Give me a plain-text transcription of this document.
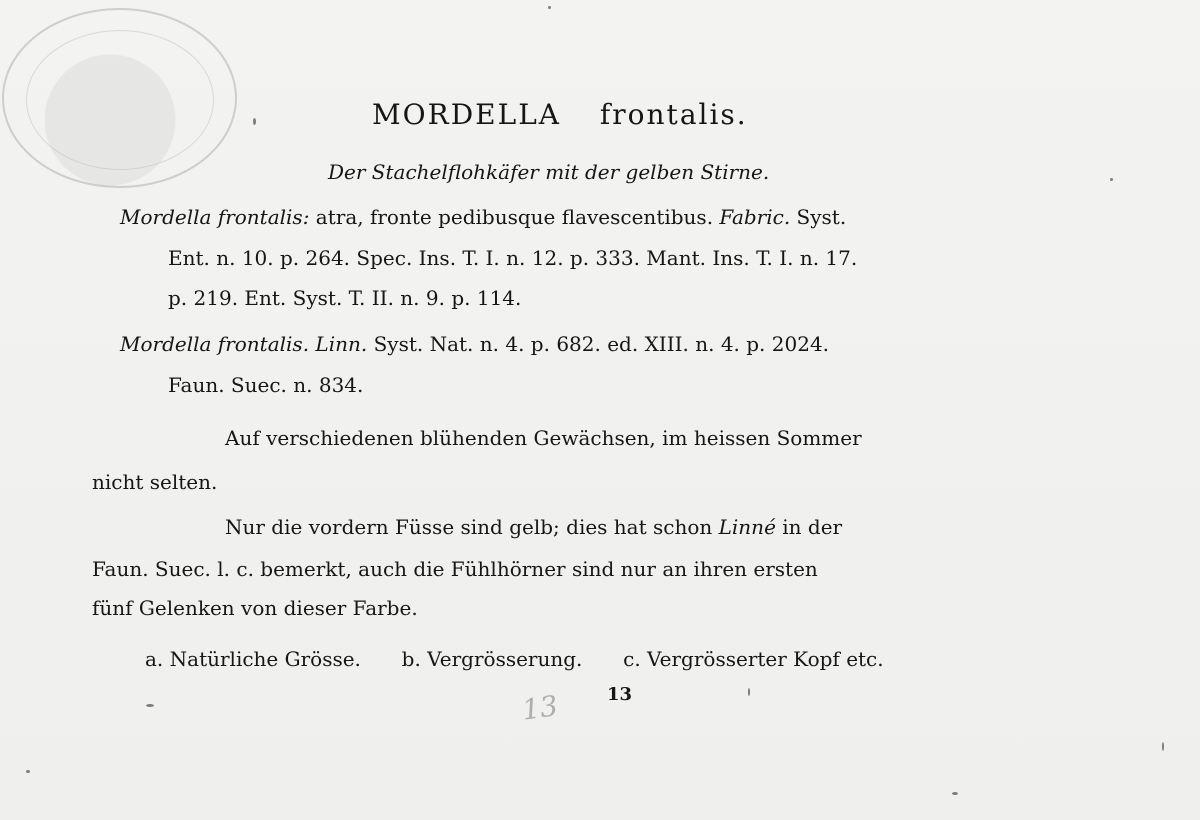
MORDELLA frontalis.
Der Stachelflohkäfer mit der gelben Stirne.
Mordella frontalis: atra, fronte pedibusque flavescentibus. Fabric. Syst.
Ent. n. 10. p. 264. Spec. Ins. T. I. n. 12. p. 333. Mant. Ins. T. I. n. 17.
p. 219. Ent. Syst. T. II. n. 9. p. 114.
Mordella frontalis. Linn. Syst. Nat. n. 4. p. 682. ed. XIII. n. 4. p. 2024.
Faun. Suec. n. 834.
Auf verschiedenen blühenden Gewächsen, im heissen Sommer
nicht selten.
Nur die vordern Füsse sind gelb; dies hat schon Linné in der
Faun. Suec. l. c. bemerkt, auch die Fühlhörner sind nur an ihren ersten
fünf Gelenken von dieser Farbe.
a. Natürliche Grösse. b. Vergrösserung. c. Vergrösserter Kopf etc.
13	13
